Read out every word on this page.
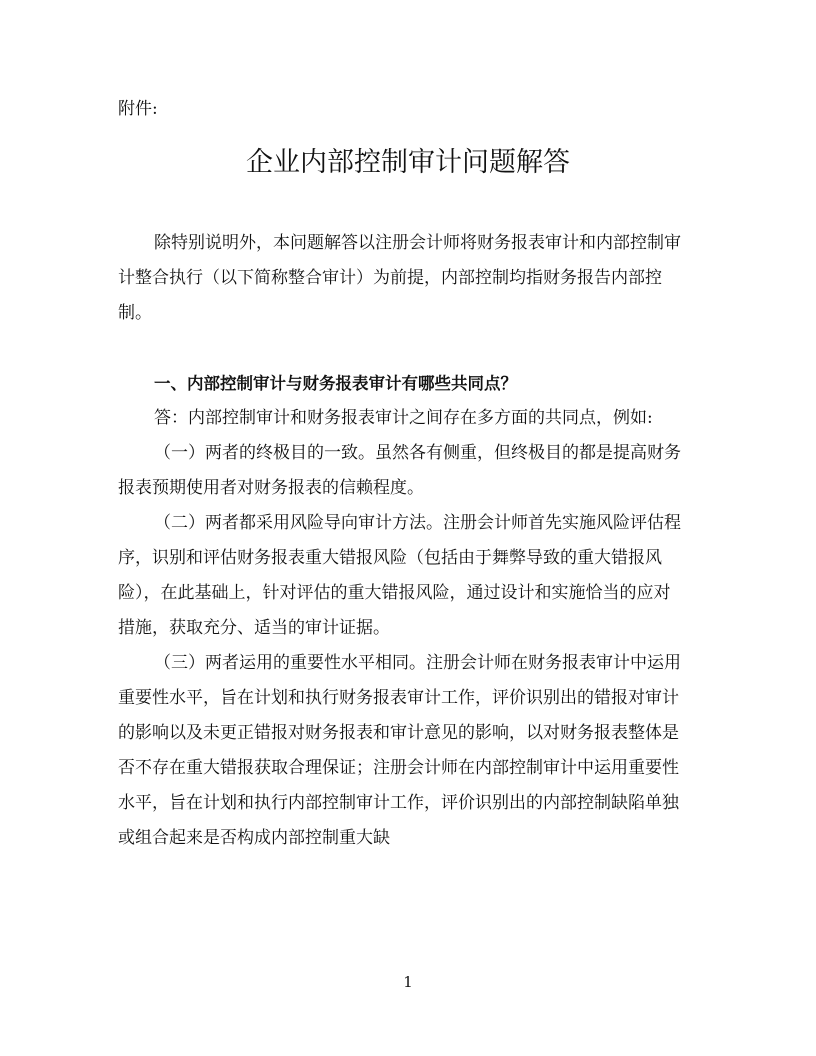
附件:
企业内部控制审计问题解答

除特别说明外，本问题解答以注册会计师将财务报表审计和内部控制审计整合执行（以下简称整合审计）为前提，内部控制均指财务报告内部控制。

一、内部控制审计与财务报表审计有哪些共同点？

答：内部控制审计和财务报表审计之间存在多方面的共同点，例如:

（一）两者的终极目的一致。虽然各有侧重，但终极目的都是提高财务报表预期使用者对财务报表的信赖程度。

（二）两者都采用风险导向审计方法。注册会计师首先实施风险评估程序，识别和评估财务报表重大错报风险（包括由于舞弊导致的重大错报风险），在此基础上，针对评估的重大错报风险，通过设计和实施恰当的应对措施，获取充分、适当的审计证据。

（三）两者运用的重要性水平相同。注册会计师在财务报表审计中运用重要性水平，旨在计划和执行财务报表审计工作，评价识别出的错报对审计的影响以及未更正错报对财务报表和审计意见的影响，以对财务报表整体是否不存在重大错报获取合理保证；注册会计师在内部控制审计中运用重要性水平，旨在计划和执行内部控制审计工作，评价识别出的内部控制缺陷单独或组合起来是否构成内部控制重大缺

1
